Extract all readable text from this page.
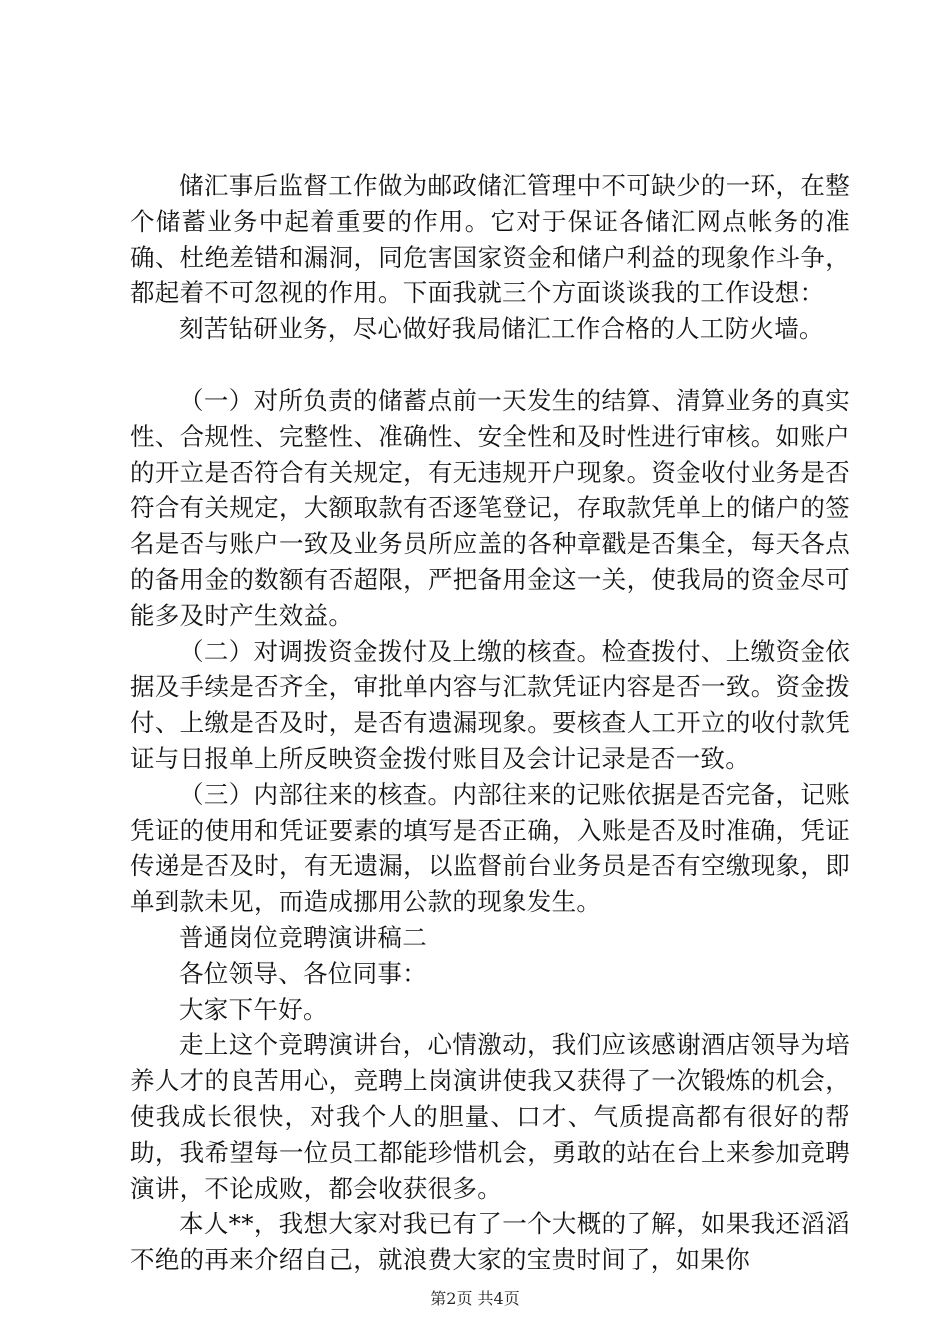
储汇事后监督工作做为邮政储汇管理中不可缺少的一环，在整个储蓄业务中起着重要的作用。它对于保证各储汇网点帐务的准确、杜绝差错和漏洞，同危害国家资金和储户利益的现象作斗争，都起着不可忽视的作用。下面我就三个方面谈谈我的工作设想：

刻苦钻研业务，尽心做好我局储汇工作合格的人工防火墙。

（一）对所负责的储蓄点前一天发生的结算、清算业务的真实性、合规性、完整性、准确性、安全性和及时性进行审核。如账户的开立是否符合有关规定，有无违规开户现象。资金收付业务是否符合有关规定，大额取款有否逐笔登记，存取款凭单上的储户的签名是否与账户一致及业务员所应盖的各种章戳是否集全，每天各点的备用金的数额有否超限，严把备用金这一关，使我局的资金尽可能多及时产生效益。

（二）对调拨资金拨付及上缴的核查。检查拨付、上缴资金依据及手续是否齐全，审批单内容与汇款凭证内容是否一致。资金拨付、上缴是否及时，是否有遗漏现象。要核查人工开立的收付款凭证与日报单上所反映资金拨付账目及会计记录是否一致。

（三）内部往来的核查。内部往来的记账依据是否完备，记账凭证的使用和凭证要素的填写是否正确，入账是否及时准确，凭证传递是否及时，有无遗漏，以监督前台业务员是否有空缴现象，即单到款未见，而造成挪用公款的现象发生。

普通岗位竞聘演讲稿二

各位领导、各位同事：

大家下午好。

走上这个竞聘演讲台，心情激动，我们应该感谢酒店领导为培养人才的良苦用心，竞聘上岗演讲使我又获得了一次锻炼的机会，使我成长很快，对我个人的胆量、口才、气质提高都有很好的帮助，我希望每一位员工都能珍惜机会，勇敢的站在台上来参加竞聘演讲，不论成败，都会收获很多。

本人**，我想大家对我已有了一个大概的了解，如果我还滔滔不绝的再来介绍自己，就浪费大家的宝贵时间了，如果你

第2页 共4页
